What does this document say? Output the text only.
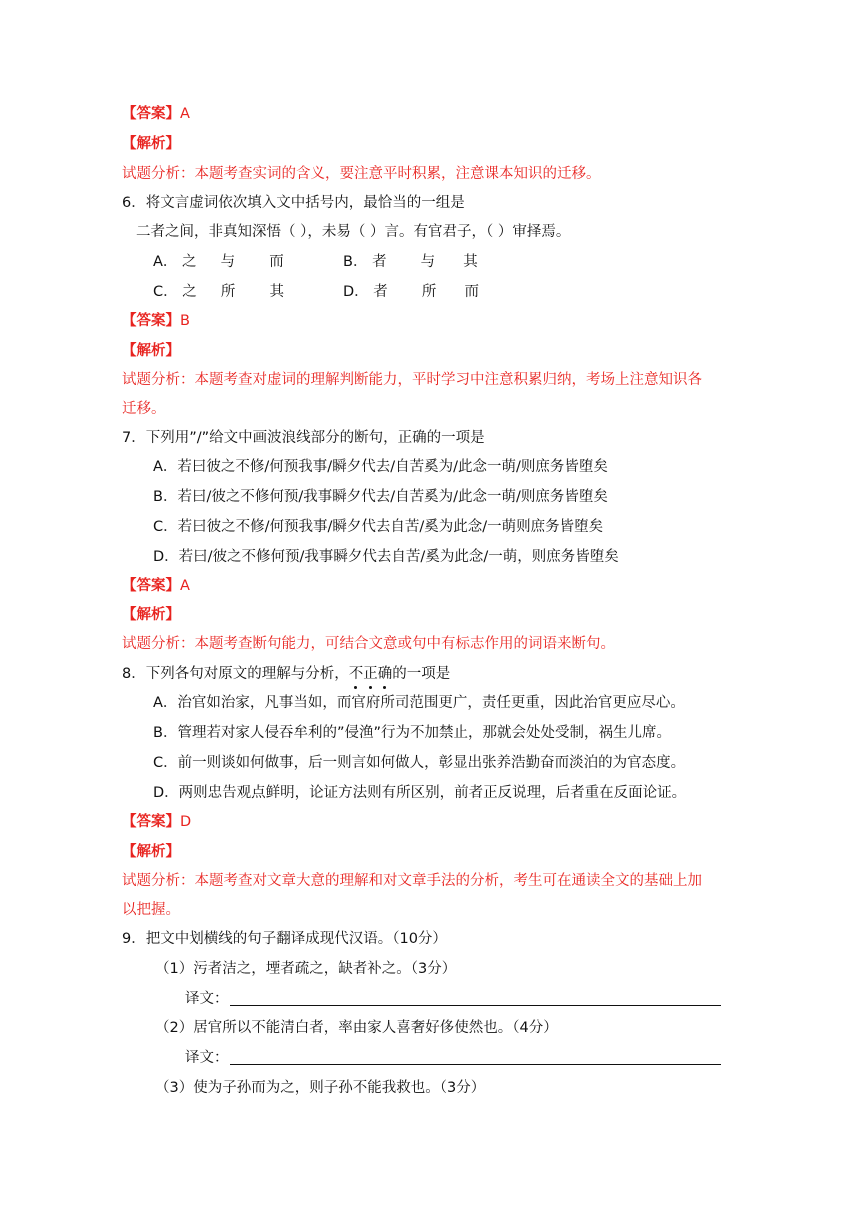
【答案】A
【解析】
试题分析：本题考查实词的含义，要注意平时积累，注意课本知识的迁移。
6．将文言虚词依次填入文中括号内，最恰当的一组是
二者之间，非真知深悟（ ），未易（ ）言。有官君子，（ ）审择焉。
A． 之 与 而	B． 者 与 其
C． 之 所 其	D． 者 所 而
【答案】B
【解析】
试题分析：本题考查对虚词的理解判断能力，平时学习中注意积累归纳，考场上注意知识各
迁移。
7．下列用”/”给文中画波浪线部分的断句，正确的一项是
A．若曰彼之不修/何预我事/瞬夕代去/自苦奚为/此念一萌/则庶务皆堕矣
B．若曰/彼之不修何预/我事瞬夕代去/自苦奚为/此念一萌/则庶务皆堕矣
C．若曰彼之不修/何预我事/瞬夕代去自苦/奚为此念/一萌则庶务皆堕矣
D．若曰/彼之不修何预/我事瞬夕代去自苦/奚为此念/一萌，则庶务皆堕矣
【答案】A
【解析】
试题分析：本题考查断句能力，可结合文意或句中有标志作用的词语来断句。
8．下列各句对原文的理解与分析，不正确
的一项是
A．治官如治家，凡事当如，而官府所司范围更广，责任更重，因此治官更应尽心。
B．管理若对家人侵吞牟利的”侵渔”行为不加禁止，那就会处处受制，祸生儿席。
C．前一则谈如何做事，后一则言如何做人，彰显出张养浩勤奋而淡泊的为官态度。
D．两则忠告观点鲜明，论证方法则有所区别，前者正反说理，后者重在反面论证。
【答案】D
【解析】
试题分析：本题考查对文章大意的理解和对文章手法的分析，考生可在通读全文的基础上加
以把握。
9．把文中划横线的句子翻译成现代汉语。（10分）
（1）污者洁之，堙者疏之，缺者补之。（3分）
译文：
（2）居官所以不能清白者，率由家人喜奢好侈使然也。（4分）
译文：
（3）使为子孙而为之，则子孙不能我救也。（3分）
